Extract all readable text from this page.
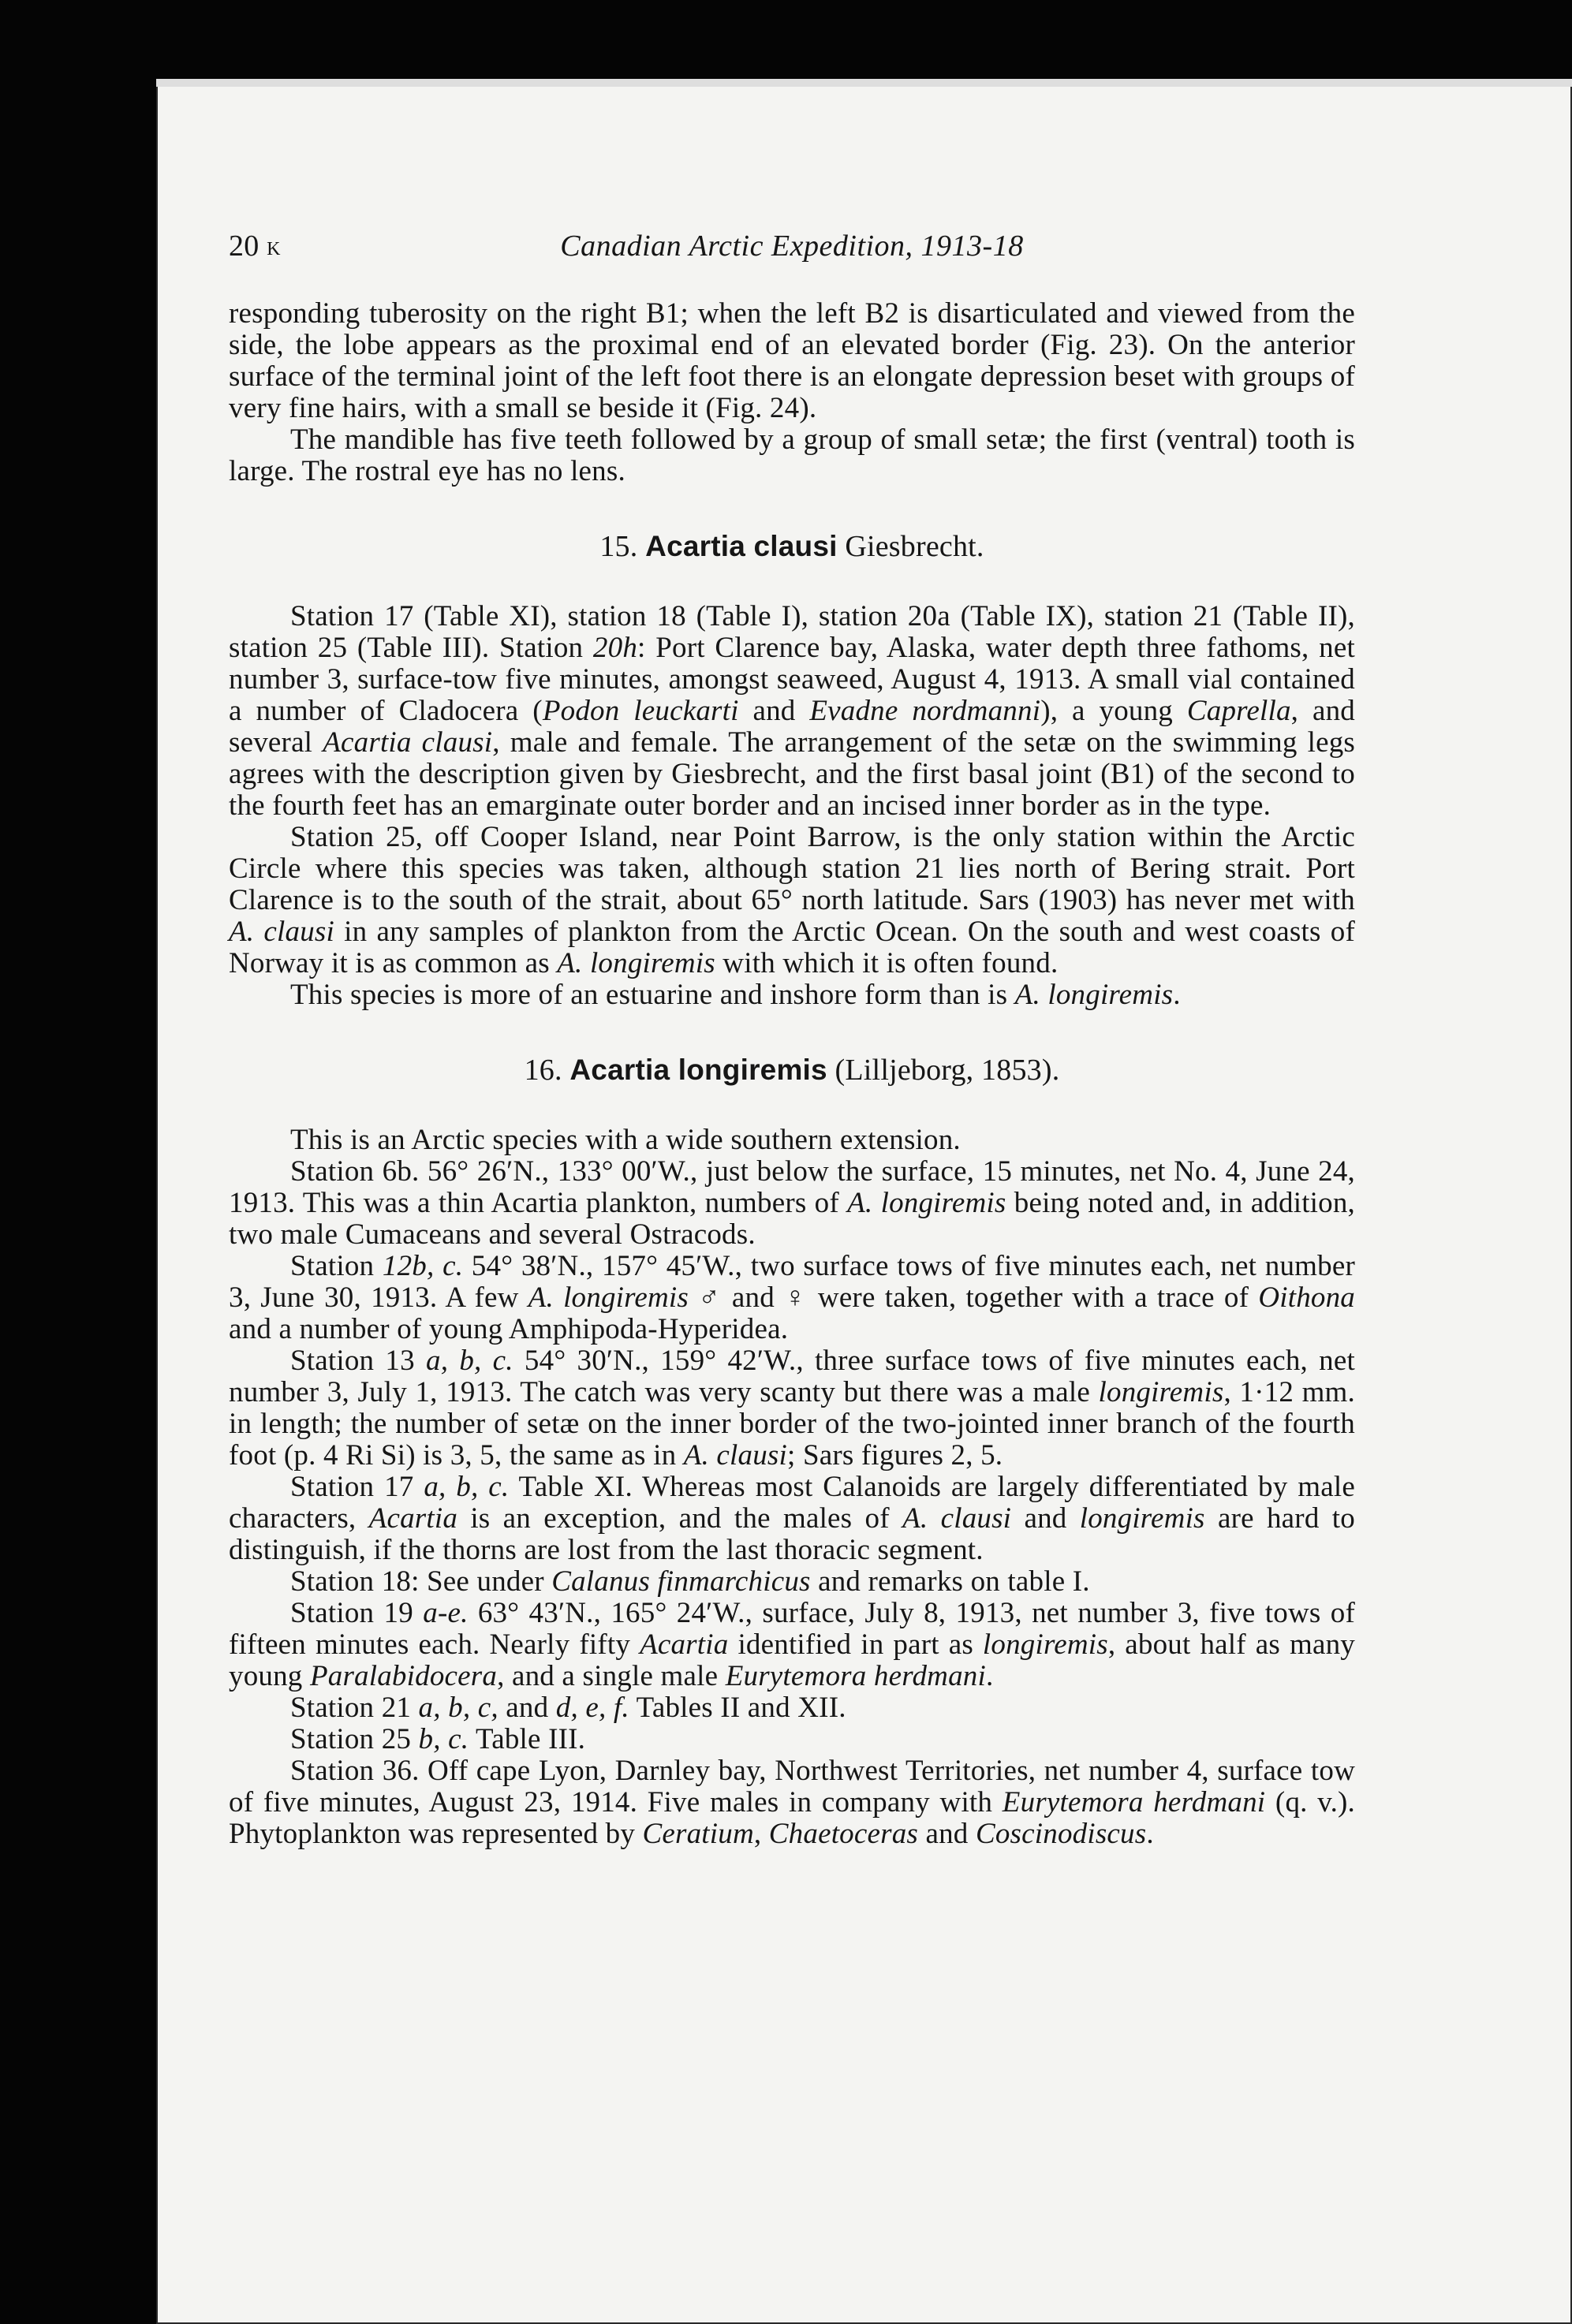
20 K	Canadian Arctic Expedition, 1913-18

responding tuberosity on the right B1; when the left B2 is disarticulated and viewed from the side, the lobe appears as the proximal end of an elevated border (Fig. 23). On the anterior surface of the terminal joint of the left foot there is an elongate depression beset with groups of very fine hairs, with a small se beside it (Fig. 24).

The mandible has five teeth followed by a group of small setæ; the first (ventral) tooth is large. The rostral eye has no lens.

15. Acartia clausi Giesbrecht.

Station 17 (Table XI), station 18 (Table I), station 20a (Table IX), station 21 (Table II), station 25 (Table III). Station 20h: Port Clarence bay, Alaska, water depth three fathoms, net number 3, surface-tow five minutes, amongst seaweed, August 4, 1913. A small vial contained a number of Cladocera (Podon leuckarti and Evadne nordmanni), a young Caprella, and several Acartia clausi, male and female. The arrangement of the setæ on the swimming legs agrees with the description given by Giesbrecht, and the first basal joint (B1) of the second to the fourth feet has an emarginate outer border and an incised inner border as in the type.

Station 25, off Cooper Island, near Point Barrow, is the only station within the Arctic Circle where this species was taken, although station 21 lies north of Bering strait. Port Clarence is to the south of the strait, about 65° north latitude. Sars (1903) has never met with A. clausi in any samples of plankton from the Arctic Ocean. On the south and west coasts of Norway it is as common as A. longiremis with which it is often found.

This species is more of an estuarine and inshore form than is A. longiremis.

16. Acartia longiremis (Lilljeborg, 1853).

This is an Arctic species with a wide southern extension.

Station 6b. 56° 26′N., 133° 00′W., just below the surface, 15 minutes, net No. 4, June 24, 1913. This was a thin Acartia plankton, numbers of A. longiremis being noted and, in addition, two male Cumaceans and several Ostracods.

Station 12b, c. 54° 38′N., 157° 45′W., two surface tows of five minutes each, net number 3, June 30, 1913. A few A. longiremis ♂ and ♀ were taken, together with a trace of Oithona and a number of young Amphipoda-Hyperidea.

Station 13 a, b, c. 54° 30′N., 159° 42′W., three surface tows of five minutes each, net number 3, July 1, 1913. The catch was very scanty but there was a male longiremis, 1·12 mm. in length; the number of setæ on the inner border of the two-jointed inner branch of the fourth foot (p. 4 Ri Si) is 3, 5, the same as in A. clausi; Sars figures 2, 5.

Station 17 a, b, c. Table XI. Whereas most Calanoids are largely differentiated by male characters, Acartia is an exception, and the males of A. clausi and longiremis are hard to distinguish, if the thorns are lost from the last thoracic segment.

Station 18: See under Calanus finmarchicus and remarks on table I.

Station 19 a-e. 63° 43′N., 165° 24′W., surface, July 8, 1913, net number 3, five tows of fifteen minutes each. Nearly fifty Acartia identified in part as longiremis, about half as many young Paralabidocera, and a single male Eurytemora herdmani.

Station 21 a, b, c, and d, e, f. Tables II and XII.

Station 25 b, c. Table III.

Station 36. Off cape Lyon, Darnley bay, Northwest Territories, net number 4, surface tow of five minutes, August 23, 1914. Five males in company with Eurytemora herdmani (q. v.). Phytoplankton was represented by Ceratium, Chaetoceras and Coscinodiscus.
